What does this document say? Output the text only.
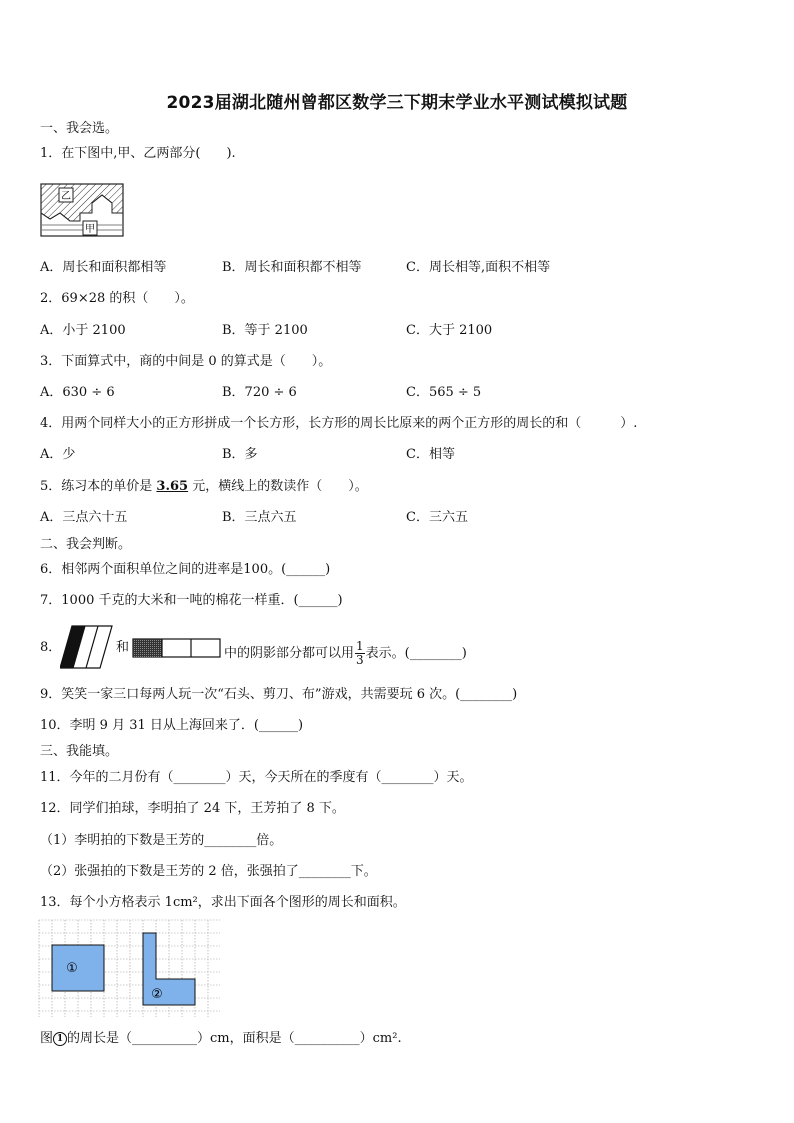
2023届湖北随州曾都区数学三下期末学业水平测试模拟试题
一、我会选。
1．在下图中,甲、乙两部分(　　).
乙
甲
A．周长和面积都相等	B．周长和面积都不相等	C．周长相等,面积不相等
2．69×28 的积（　　）。
A．小于 2100	B．等于 2100	C．大于 2100
3．下面算式中，商的中间是 0 的算式是（　　）。
A．630 ÷ 6	B．720 ÷ 6	C．565 ÷ 5
4．用两个同样大小的正方形拼成一个长方形，长方形的周长比原来的两个正方形的周长的和（　　　）.
A．少	B．多	C．相等
5．练习本的单价是 3.65 元，横线上的数读作（　　）。
A．三点六十五	B．三点六五	C．三六五
二、我会判断。
6．相邻两个面积单位之间的进率是100。(______)
7．1000 千克的大米和一吨的棉花一样重．(______)
8．	和	中的阴影部分都可以用 $\frac{1}{3}$ 表示。(________)
9．笑笑一家三口每两人玩一次“石头、剪刀、布”游戏，共需要玩 6 次。(________)
10．李明 9 月 31 日从上海回来了．(______)
三、我能填。
11．今年的二月份有（________）天，今天所在的季度有（________）天。
12．同学们拍球，李明拍了 24 下，王芳拍了 8 下。
（1）李明拍的下数是王芳的________倍。
（2）张强拍的下数是王芳的 2 倍，张强拍了________下。
13．每个小方格表示 1cm²，求出下面各个图形的周长和面积。
①
②
图 1 的周长是（__________）cm，面积是（__________）cm².
